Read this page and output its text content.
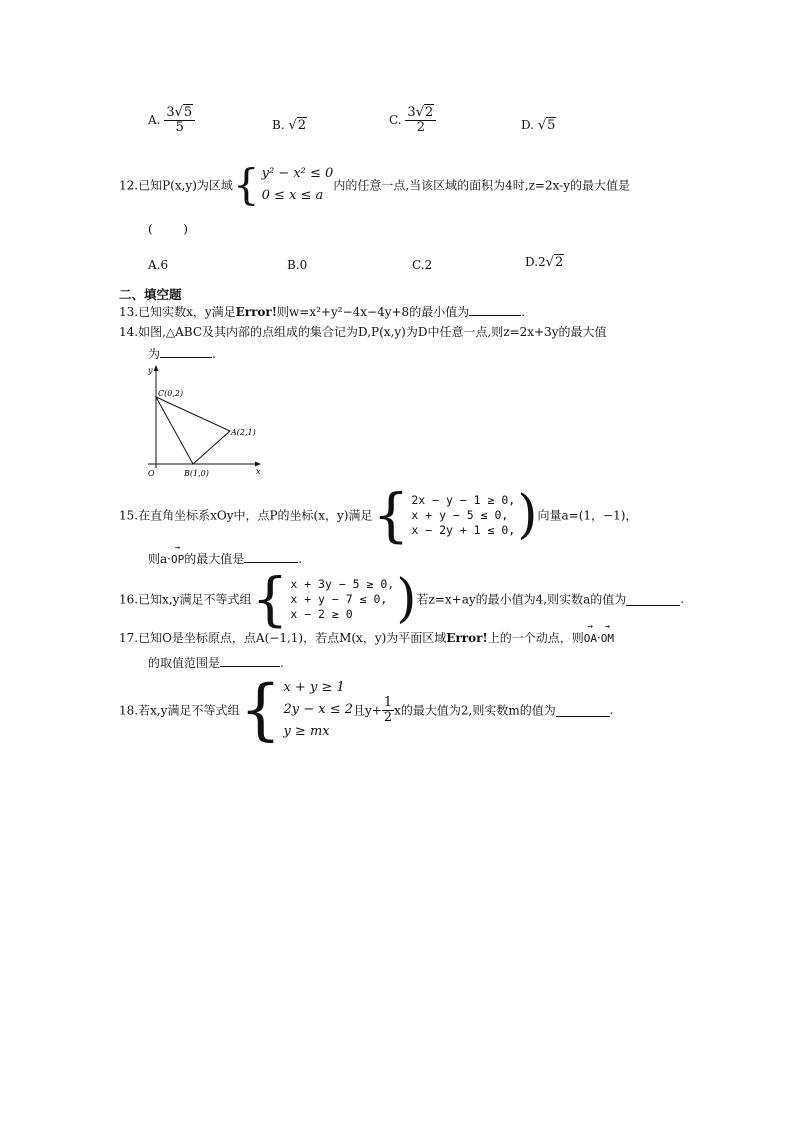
A. $\frac{3√5}{5}$	B. √2	C. $\frac{3√2}{2}$	D. √5
12.已知P(x,y)为区域 { y² − x² ≤ 0
0 ≤ x ≤ a
内的任意一点,当该区域的面积为4时,z=2x-y的最大值是
(        )
A.6	B.0	C.2	D.2√2
二、填空题
13.已知实数x，y满足Error!则w=x²+y²−4x−4y+8的最小值为	.
14.如图,△ABC及其内部的点组成的集合记为D,P(x,y)为D中任意一点,则z=2x+3y的最大值
为	.
y
x
O
C(0,2)
A(2,1)
B(1,0)
15.在直角坐标系xOy中，点P的坐标(x，y)满足 { 2x − y − 1 ≥ 0,
x + y − 5 ≤ 0,
x − 2y + 1 ≤ 0, ) 向量a=(1，−1)，
则a·→ OP的最大值是	.
16.已知x,y满足不等式组 { x + 3y − 5 ≥ 0,
x + y − 7 ≤ 0,
x − 2 ≥ 0 ) 若z=x+ay的最小值为4,则实数a的值为	.
17.已知O是坐标原点，点A(−1,1)，若点M(x，y)为平面区域Error!上的一个动点，则→ OA·→ OM
的取值范围是	.
18.若x,y满足不等式组 { x + y ≥ 1
2y − x ≤ 2
y ≥ mx
且$y+ \frac{1}{2}$ x的最大值为2,则实数m的值为	.
